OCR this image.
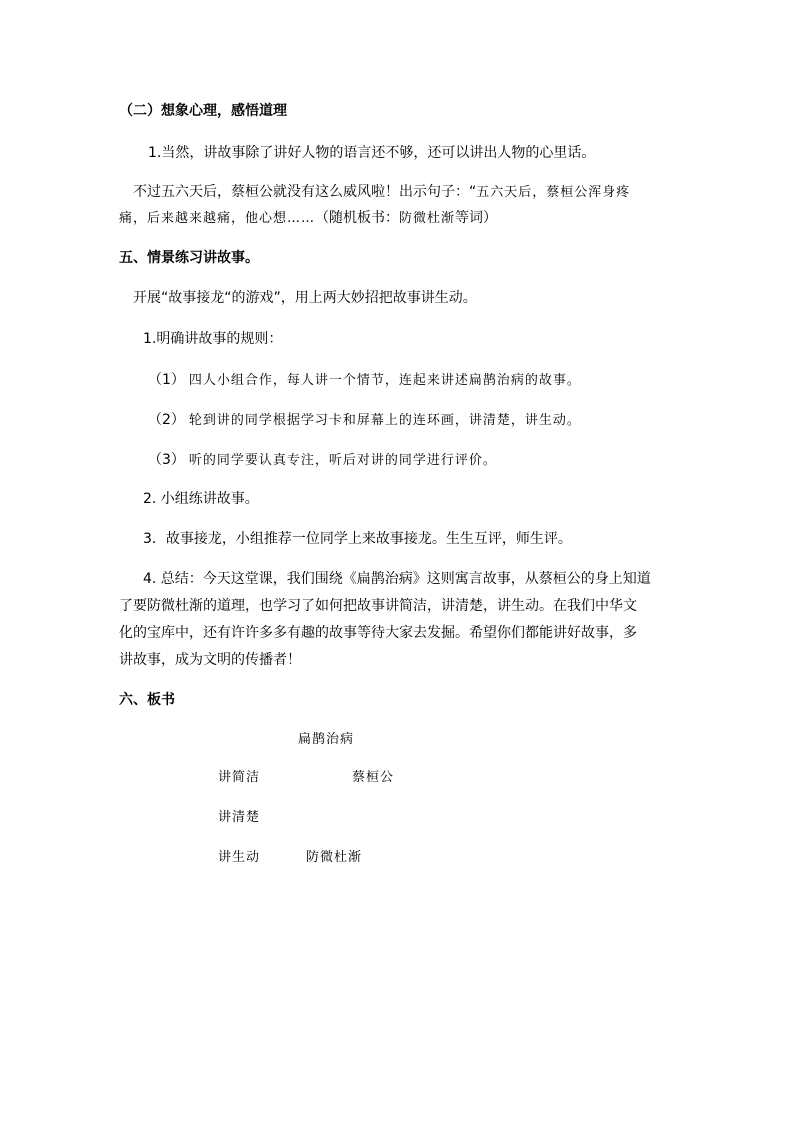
（二）想象心理，感悟道理
1.当然，讲故事除了讲好人物的语言还不够，还可以讲出人物的心里话。
不过五六天后，蔡桓公就没有这么威风啦！出示句子：“五六天后，蔡桓公浑身疼
痛，后来越来越痛，他心想……（随机板书：防微杜渐等词）
五、情景练习讲故事。
开展“故事接龙“的游戏”，用上两大妙招把故事讲生动。
1.明确讲故事的规则：
（1） 四人小组合作，每人讲一个情节，连起来讲述扁鹊治病的故事。
（2） 轮到讲的同学根据学习卡和屏幕上的连环画，讲清楚，讲生动。
（3） 听的同学要认真专注，听后对讲的同学进行评价。
2. 小组练讲故事。
3．故事接龙，小组推荐一位同学上来故事接龙。生生互评，师生评。
4. 总结：今天这堂课，我们围绕《扁鹊治病》这则寓言故事，从蔡桓公的身上知道
了要防微杜渐的道理，也学习了如何把故事讲简洁，讲清楚，讲生动。在我们中华文
化的宝库中，还有许许多多有趣的故事等待大家去发掘。希望你们都能讲好故事，多
讲故事，成为文明的传播者！
六、板书
扁鹊治病
讲简洁	蔡桓公
讲清楚
讲生动	防微杜渐
